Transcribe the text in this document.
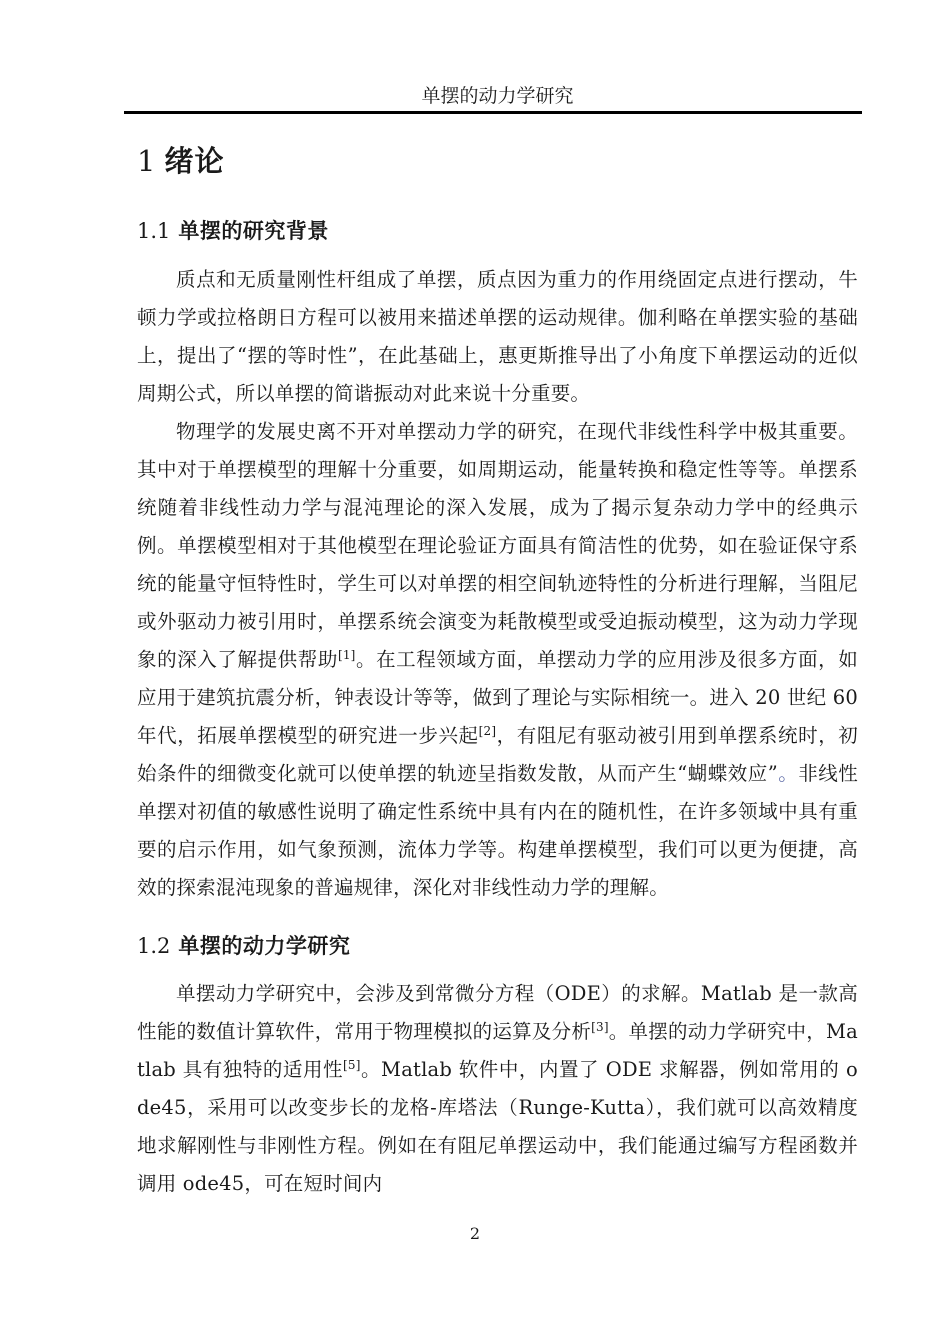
单摆的动力学研究
1 绪论
1.1 单摆的研究背景

质点和无质量刚性杆组成了单摆，质点因为重力的作用绕固定点进行摆动，牛顿力学或拉格朗日方程可以被用来描述单摆的运动规律。伽利略在单摆实验的基础上，提出了“摆的等时性”，在此基础上，惠更斯推导出了小角度下单摆运动的近似周期公式，所以单摆的简谐振动对此来说十分重要。

物理学的发展史离不开对单摆动力学的研究，在现代非线性科学中极其重要。其中对于单摆模型的理解十分重要，如周期运动，能量转换和稳定性等等。单摆系统随着非线性动力学与混沌理论的深入发展，成为了揭示复杂动力学中的经典示例。单摆模型相对于其他模型在理论验证方面具有简洁性的优势，如在验证保守系统的能量守恒特性时，学生可以对单摆的相空间轨迹特性的分析进行理解，当阻尼或外驱动力被引用时，单摆系统会演变为耗散模型或受迫振动模型，这为动力学现象的深入了解提供帮助[1]。在工程领域方面，单摆动力学的应用涉及很多方面，如应用于建筑抗震分析，钟表设计等等，做到了理论与实际相统一。进入 20 世纪 60 年代，拓展单摆模型的研究进一步兴起[2]，有阻尼有驱动被引用到单摆系统时，初始条件的细微变化就可以使单摆的轨迹呈指数发散，从而产生“蝴蝶效应”。非线性单摆对初值的敏感性说明了确定性系统中具有内在的随机性，在许多领域中具有重要的启示作用，如气象预测，流体力学等。构建单摆模型，我们可以更为便捷，高效的探索混沌现象的普遍规律，深化对非线性动力学的理解。

1.2 单摆的动力学研究

单摆动力学研究中，会涉及到常微分方程（ODE）的求解。Matlab 是一款高性能的数值计算软件，常用于物理模拟的运算及分析[3]。单摆的动力学研究中，Matlab 具有独特的适用性[5]。Matlab 软件中，内置了 ODE 求解器，例如常用的 ode45，采用可以改变步长的龙格-库塔法（Runge-Kutta），我们就可以高效精度地求解刚性与非刚性方程。例如在有阻尼单摆运动中，我们能通过编写方程函数并调用 ode45，可在短时间内

2
